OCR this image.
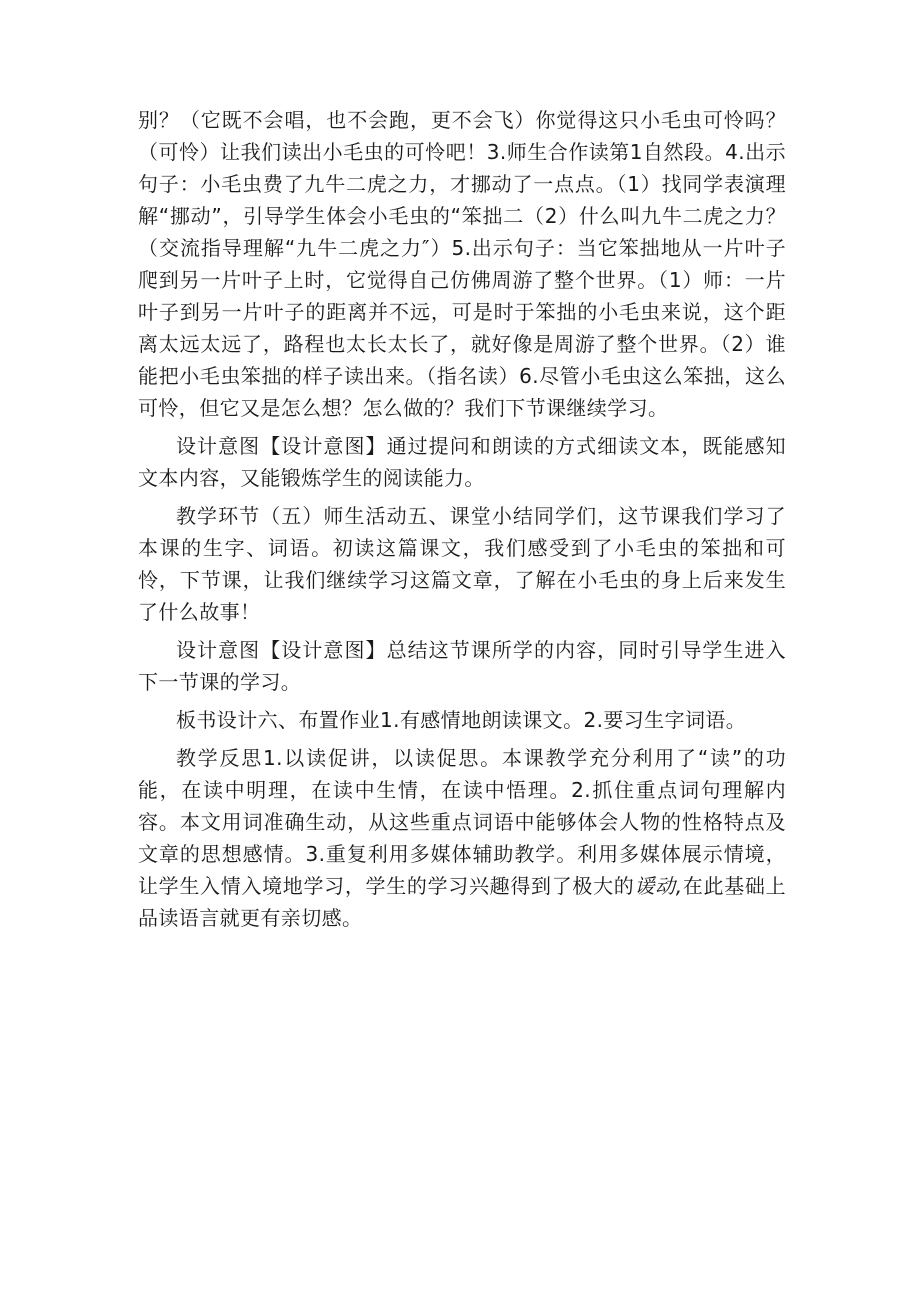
别？（它既不会唱，也不会跑，更不会飞）你觉得这只小毛虫可怜吗？（可怜）让我们读出小毛虫的可怜吧！3.师生合作读第1自然段。4.出示句子：小毛虫费了九牛二虎之力，才挪动了一点点。（1）找同学表演理解“挪动”，引导学生体会小毛虫的“笨拙二（2）什么叫九牛二虎之力？（交流指导理解“九牛二虎之力″）5.出示句子：当它笨拙地从一片叶子爬到另一片叶子上时，它觉得自己仿佛周游了整个世界。（1）师：一片叶子到另一片叶子的距离并不远，可是时于笨拙的小毛虫来说，这个距离太远太远了，路程也太长太长了，就好像是周游了整个世界。（2）谁能把小毛虫笨拙的样子读出来。（指名读）6.尽管小毛虫这么笨拙，这么可怜，但它又是怎么想？怎么做的？我们下节课继续学习。

设计意图【设计意图】通过提问和朗读的方式细读文本，既能感知文本内容，又能锻炼学生的阅读能力。

教学环节（五）师生活动五、课堂小结同学们，这节课我们学习了本课的生字、词语。初读这篇课文，我们感受到了小毛虫的笨拙和可怜，下节课，让我们继续学习这篇文章，了解在小毛虫的身上后来发生了什么故事！

设计意图【设计意图】总结这节课所学的内容，同时引导学生进入下一节课的学习。

板书设计六、布置作业1.有感情地朗读课文。2.要习生字词语。

教学反思1.以读促讲，以读促思。本课教学充分利用了“读”的功能，在读中明理，在读中生情，在读中悟理。2.抓住重点词句理解内容。本文用词准确生动，从这些重点词语中能够体会人物的性格特点及文章的思想感情。3.重复利用多媒体辅助教学。利用多媒体展示情境，让学生入情入境地学习，学生的学习兴趣得到了极大的谖动,在此基础上品读语言就更有亲切感。
